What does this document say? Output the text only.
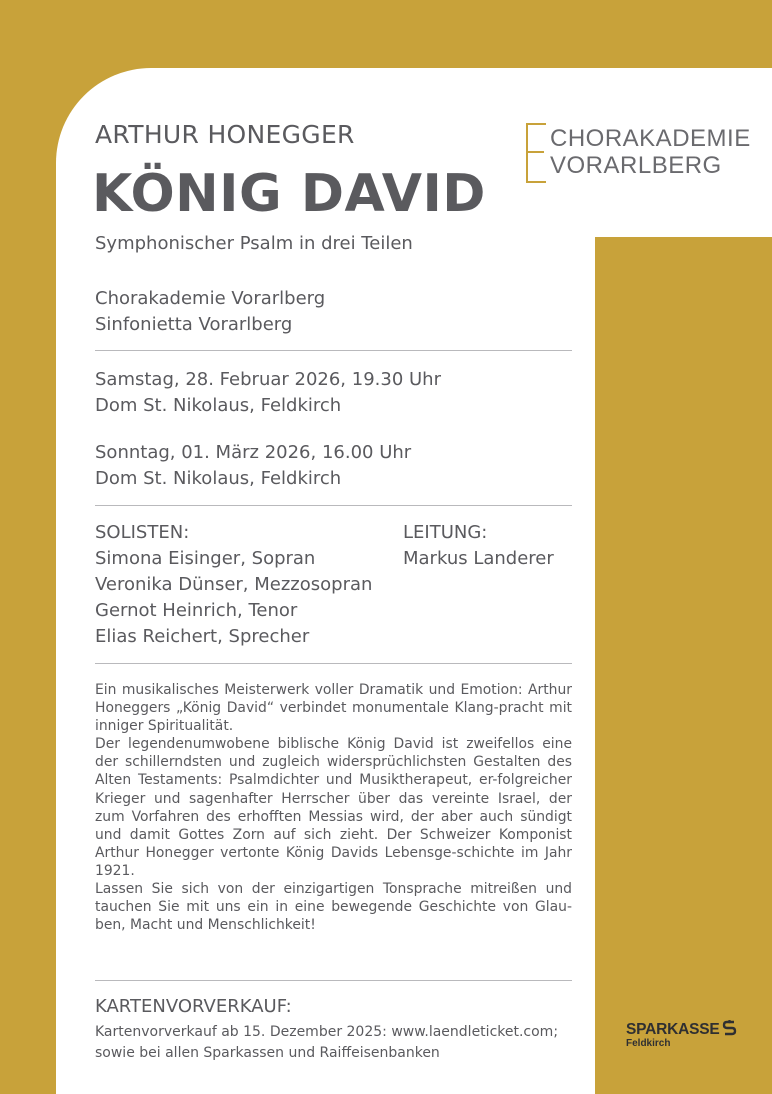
CHORAKADEMIE
VORARLBERG
ARTHUR HONEGGER
KÖNIG DAVID
Symphonischer Psalm in drei Teilen
Chorakademie Vorarlberg
Sinfonietta Vorarlberg
Samstag, 28. Februar 2026, 19.30 Uhr
Dom St. Nikolaus, Feldkirch
Sonntag, 01. März 2026, 16.00 Uhr
Dom St. Nikolaus, Feldkirch
SOLISTEN:
Simona Eisinger, Sopran
Veronika Dünser, Mezzosopran
Gernot Heinrich, Tenor
Elias Reichert, Sprecher
LEITUNG:
Markus Landerer

Ein musikalisches Meisterwerk voller Dramatik und Emotion: Arthur Honeggers „König David“ verbindet monumentale Klang-pracht mit inniger Spiritualität.

Der legendenumwobene biblische König David ist zweifellos eine der schillerndsten und zugleich widersprüchlichsten Gestalten des Alten Testaments: Psalmdichter und Musiktherapeut, er-folgreicher Krieger und sagenhafter Herrscher über das vereinte Israel, der zum Vorfahren des erhofften Messias wird, der aber auch sündigt und damit Gottes Zorn auf sich zieht. Der Schweizer Komponist Arthur Honegger vertonte König Davids Lebensge-schichte im Jahr 1921.

Lassen Sie sich von der einzigartigen Tonsprache mitreißen und tauchen Sie mit uns ein in eine bewegende Geschichte von Glau-ben, Macht und Menschlichkeit!

KARTENVORVERKAUF:
Kartenvorverkauf ab 15. Dezember 2025: www.laendleticket.com;
sowie bei allen Sparkassen und Raiffeisenbanken
SPARKASSE
Feldkirch
